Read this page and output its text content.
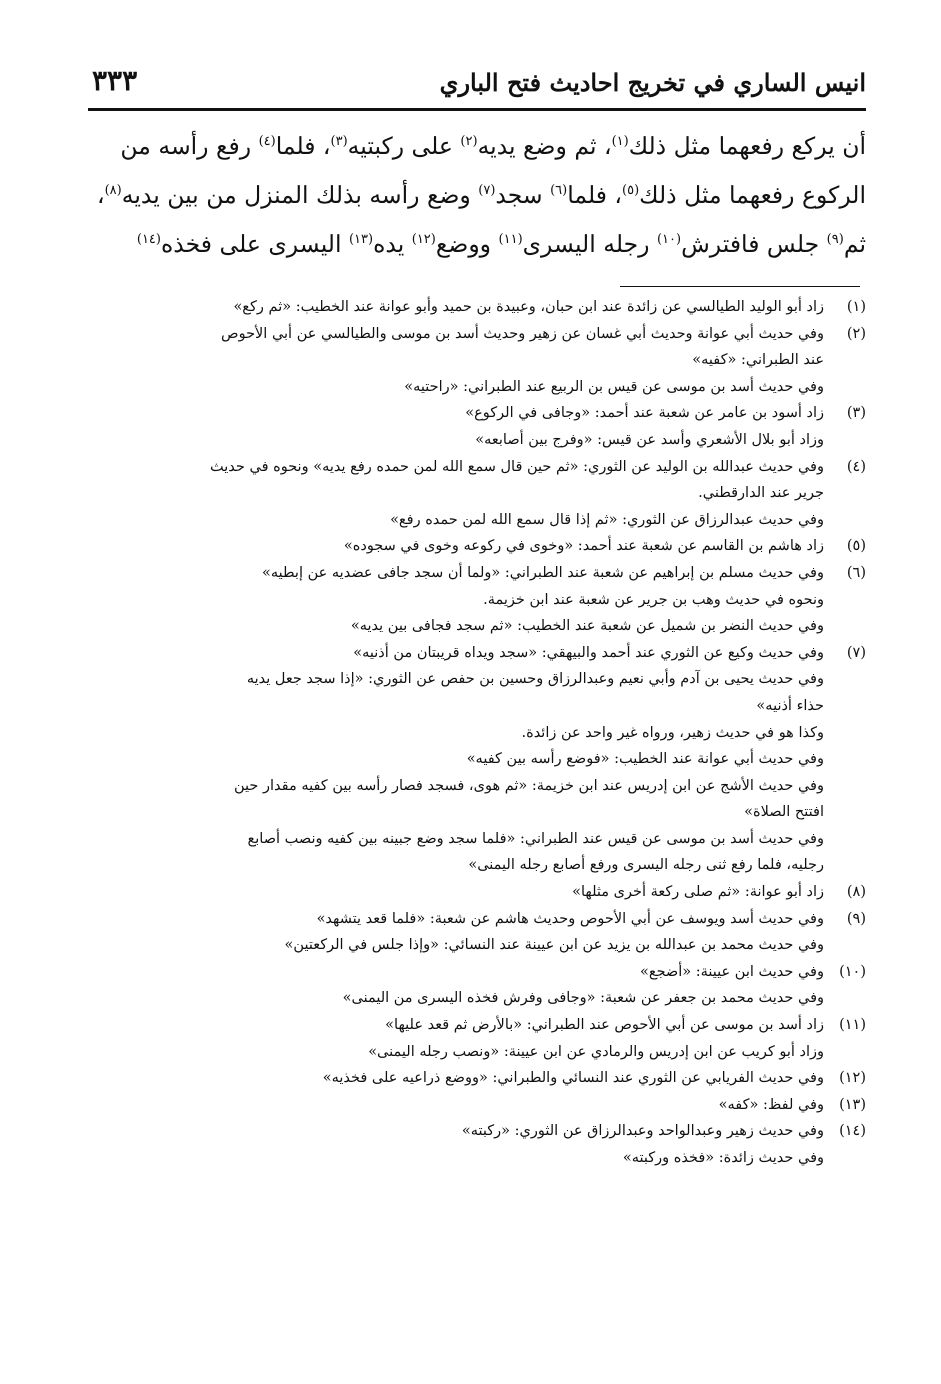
انيس الساري في تخريج احاديث فتح الباري
٣٣٣
أن يركع رفعهما مثل ذلك$^{(١)}$، ثم وضع يديه$^{(٢)}$ على ركبتيه$^{(٣)}$، فلما$^{(٤)}$ رفع رأسه من
الركوع رفعهما مثل ذلك$^{(٥)}$، فلما$^{(٦)}$ سجد$^{(٧)}$ وضع رأسه بذلك المنزل من بين يديه$^{(٨)}$،
ثم$^{(٩)}$ جلس فافترش$^{(١٠)}$ رجله اليسرى$^{(١١)}$ ووضع$^{(١٢)}$ يده$^{(١٣)}$ اليسرى على فخذه$^{(١٤)}$
(١)
زاد أبو الوليد الطيالسي عن زائدة عند ابن حبان، وعبيدة بن حميد وأبو عوانة عند الخطيب: «ثم ركع»
(٢)
وفي حديث أبي عوانة وحديث أبي غسان عن زهير وحديث أسد بن موسى والطيالسي عن أبي الأحوص
عند الطبراني: «كفيه»
وفي حديث أسد بن موسى عن قيس بن الربيع عند الطبراني: «راحتيه»
(٣)
زاد أسود بن عامر عن شعبة عند أحمد: «وجافى في الركوع»
وزاد أبو بلال الأشعري وأسد عن قيس: «وفرج بين أصابعه»
(٤)
وفي حديث عبدالله بن الوليد عن الثوري: «ثم حين قال سمع الله لمن حمده رفع يديه» ونحوه في حديث
جرير عند الدارقطني.
وفي حديث عبدالرزاق عن الثوري: «ثم إذا قال سمع الله لمن حمده رفع»
(٥)
زاد هاشم بن القاسم عن شعبة عند أحمد: «وخوى في ركوعه وخوى في سجوده»
(٦)
وفي حديث مسلم بن إبراهيم عن شعبة عند الطبراني: «ولما أن سجد جافى عضديه عن إبطيه»
ونحوه في حديث وهب بن جرير عن شعبة عند ابن خزيمة.
وفي حديث النضر بن شميل عن شعبة عند الخطيب: «ثم سجد فجافى بين يديه»
(٧)
وفي حديث وكيع عن الثوري عند أحمد والبيهقي: «سجد ويداه قريبتان من أذنيه»
وفي حديث يحيى بن آدم وأبي نعيم وعبدالرزاق وحسين بن حفص عن الثوري: «إذا سجد جعل يديه
حذاء أذنيه»
وكذا هو في حديث زهير، ورواه غير واحد عن زائدة.
وفي حديث أبي عوانة عند الخطيب: «فوضع رأسه بين كفيه»
وفي حديث الأشج عن ابن إدريس عند ابن خزيمة: «ثم هوى، فسجد فصار رأسه بين كفيه مقدار حين
افتتح الصلاة»
وفي حديث أسد بن موسى عن قيس عند الطبراني: «فلما سجد وضع جبينه بين كفيه ونصب أصابع
رجليه، فلما رفع ثنى رجله اليسرى ورفع أصابع رجله اليمنى»
(٨)
زاد أبو عوانة: «ثم صلى ركعة أخرى مثلها»
(٩)
وفي حديث أسد ويوسف عن أبي الأحوص وحديث هاشم عن شعبة: «فلما قعد يتشهد»
وفي حديث محمد بن عبدالله بن يزيد عن ابن عيينة عند النسائي: «وإذا جلس في الركعتين»
(١٠)
وفي حديث ابن عيينة: «أضجع»
وفي حديث محمد بن جعفر عن شعبة: «وجافى وفرش فخذه اليسرى من اليمنى»
(١١)
زاد أسد بن موسى عن أبي الأحوص عند الطبراني: «بالأرض ثم قعد عليها»
وزاد أبو كريب عن ابن إدريس والرمادي عن ابن عيينة: «ونصب رجله اليمنى»
(١٢)
وفي حديث الفريابي عن الثوري عند النسائي والطبراني: «ووضع ذراعيه على فخذيه»
(١٣)
وفي لفظ: «كفه»
(١٤)
وفي حديث زهير وعبدالواحد وعبدالرزاق عن الثوري: «ركبته»
وفي حديث زائدة: «فخذه وركبته»
